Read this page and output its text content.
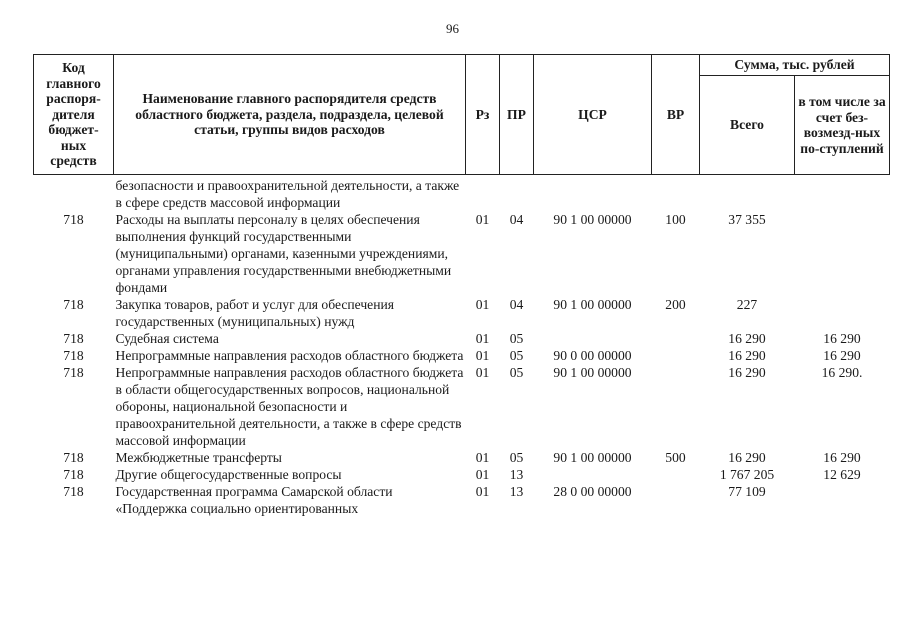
96
Код главного распоря-дителя бюджет-ных средств	Наименование главного распорядителя средств областного бюджета, раздела, подраздела, целевой статьи, группы видов расходов	Рз	ПР	ЦСР	ВР	Сумма, тыс. рублей	
						Всего	в том числе за счет без-возмезд-ных по-ступлений
	безопасности и правоохранительной деятельности, а также в сфере средств массовой информации						
718	Расходы на выплаты персоналу в целях обеспечения выполнения функций государственными (муниципальными) органами, казенными учреждениями, органами управления государственными внебюджетными фондами	01	04	90 1 00 00000	100	37 355	
718	Закупка товаров, работ и услуг для обеспечения государственных (муниципальных) нужд	01	04	90 1 00 00000	200	227	
718	Судебная система	01	05			16 290	16 290
718	Непрограммные направления расходов областного бюджета	01	05	90 0 00 00000		16 290	16 290
718	Непрограммные направления расходов областного бюджета в области общегосударственных вопросов, национальной обороны, национальной безопасности и правоохранительной деятельности, а также в сфере средств массовой информации	01	05	90 1 00 00000		16 290	16 290.
718	Межбюджетные трансферты	01	05	90 1 00 00000	500	16 290	16 290
718	Другие общегосударственные вопросы	01	13			1 767 205	12 629
718	Государственная программа Самарской области «Поддержка социально ориентированных	01	13	28 0 00 00000		77 109	
